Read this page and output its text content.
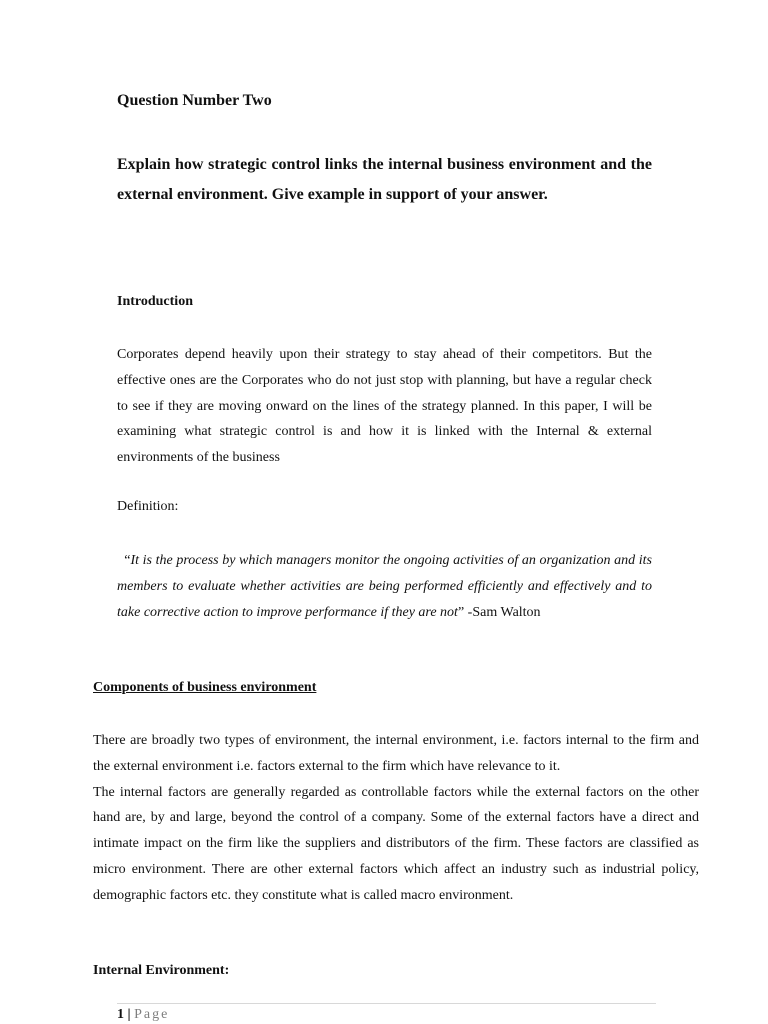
Question Number Two
Explain how strategic control links the internal business environment and the external environment. Give example in support of your answer.
Introduction
Corporates depend heavily upon their strategy to stay ahead of their competitors. But the effective ones are the Corporates who do not just stop with planning, but have a regular check to see if they are moving onward on the lines of the strategy planned. In this paper, I will be examining what strategic control is and how it is linked with the Internal & external environments of the business
Definition:
“It is the process by which managers monitor the ongoing activities of an organization and its members to evaluate whether activities are being performed efficiently and effectively and to take corrective action to improve performance if they are not” -Sam Walton
Components of business environment
There are broadly two types of environment, the internal environment, i.e. factors internal to the firm and the external environment i.e. factors external to the firm which have relevance to it.
The internal factors are generally regarded as controllable factors while the external factors on the other hand are, by and large, beyond the control of a company. Some of the external factors have a direct and intimate impact on the firm like the suppliers and distributors of the firm. These factors are classified as micro environment. There are other external factors which affect an industry such as industrial policy, demographic factors etc. they constitute what is called macro environment.
Internal Environment:
1 | Page
